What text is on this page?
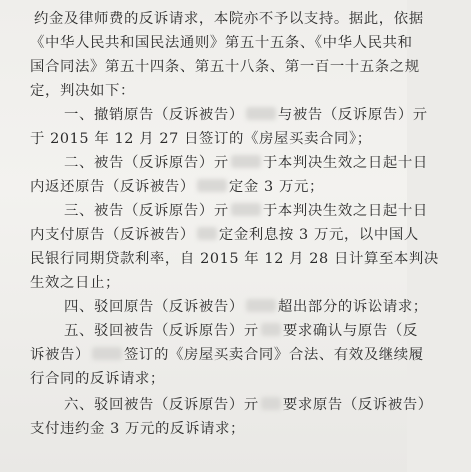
约金及律师费的反诉请求，本院亦不予以支持。据此，依据
《中华人民共和国民法通则》第五十五条、《中华人民共和
国合同法》第五十四条、第五十八条、第一百一十五条之规
定，判决如下：
一、撤销原告（反诉被告） 与被告（反诉原告）亓
于 2015 年 12 月 27 日签订的《房屋买卖合同》；
二、被告（反诉原告）亓 于本判决生效之日起十日
内返还原告（反诉被告） 定金 3 万元；
三、被告（反诉原告）亓 于本判决生效之日起十日
内支付原告（反诉被告） 定金利息按 3 万元，以中国人
民银行同期贷款利率，自 2015 年 12 月 28 日计算至本判决
生效之日止；
四、驳回原告（反诉被告） 超出部分的诉讼请求；
五、驳回被告（反诉原告）亓 要求确认与原告（反
诉被告） 签订的《房屋买卖合同》合法、有效及继续履
行合同的反诉请求；
六、驳回被告（反诉原告）亓 要求原告（反诉被告）
支付违约金 3 万元的反诉请求；
